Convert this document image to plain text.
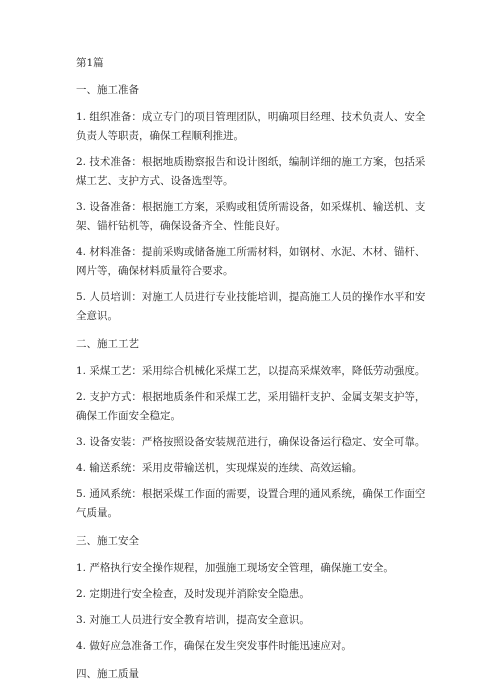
第1篇

一、施工准备

1. 组织准备：成立专门的项目管理团队，明确项目经理、技术负责人、安全负责人等职责，确保工程顺利推进。

2. 技术准备：根据地质勘察报告和设计图纸，编制详细的施工方案，包括采煤工艺、支护方式、设备选型等。

3. 设备准备：根据施工方案，采购或租赁所需设备，如采煤机、输送机、支架、锚杆钻机等，确保设备齐全、性能良好。

4. 材料准备：提前采购或储备施工所需材料，如钢材、水泥、木材、锚杆、网片等，确保材料质量符合要求。

5. 人员培训：对施工人员进行专业技能培训，提高施工人员的操作水平和安全意识。

二、施工工艺

1. 采煤工艺：采用综合机械化采煤工艺，以提高采煤效率，降低劳动强度。

2. 支护方式：根据地质条件和采煤工艺，采用锚杆支护、金属支架支护等，确保工作面安全稳定。

3. 设备安装：严格按照设备安装规范进行，确保设备运行稳定、安全可靠。

4. 输送系统：采用皮带输送机，实现煤炭的连续、高效运输。

5. 通风系统：根据采煤工作面的需要，设置合理的通风系统，确保工作面空气质量。

三、施工安全

1. 严格执行安全操作规程，加强施工现场安全管理，确保施工安全。

2. 定期进行安全检查，及时发现并消除安全隐患。

3. 对施工人员进行安全教育培训，提高安全意识。

4. 做好应急准备工作，确保在发生突发事件时能迅速应对。

四、施工质量
